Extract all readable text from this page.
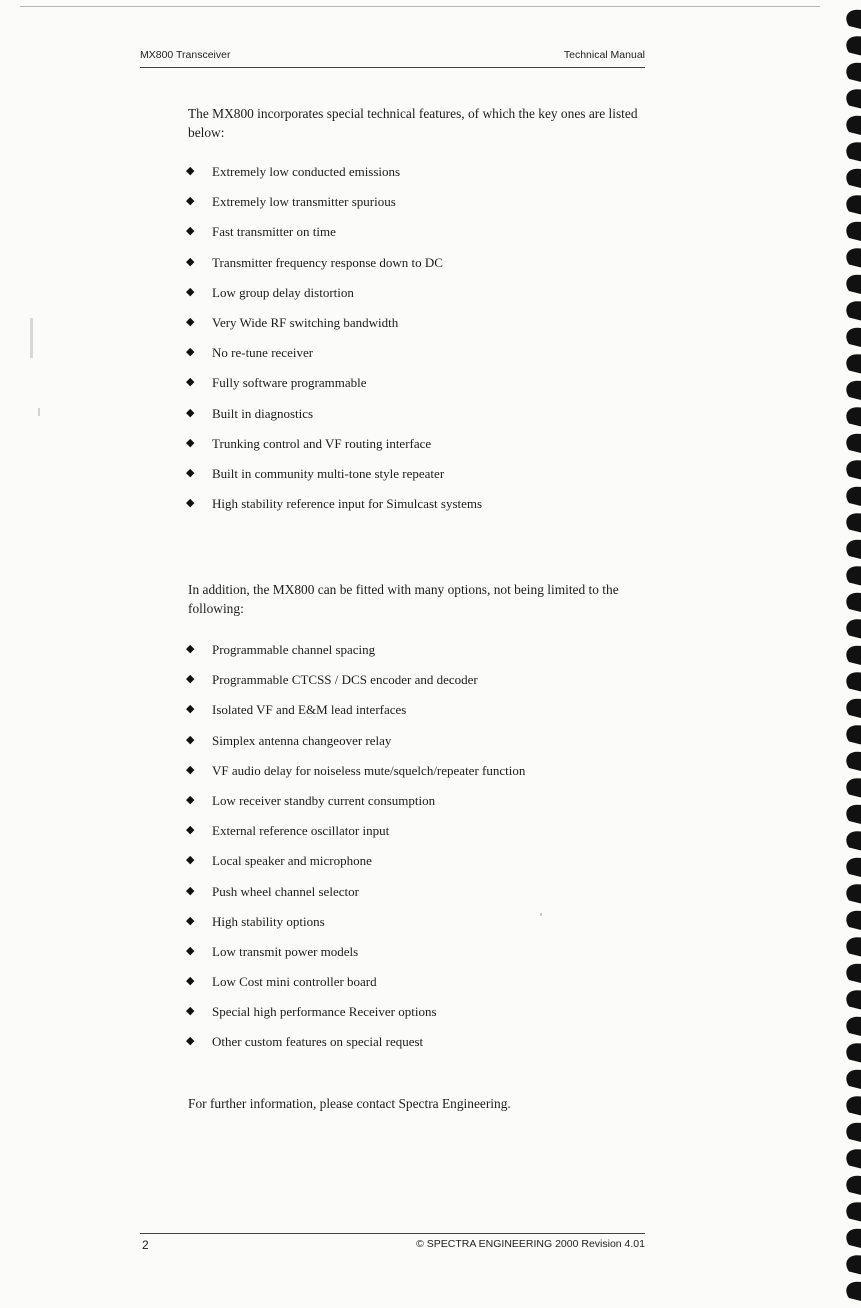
MX800 Transceiver	Technical Manual
The MX800 incorporates special technical features, of which the key ones are listed below:
◆ Extremely low conducted emissions
◆ Extremely low transmitter spurious
◆ Fast transmitter on time
◆ Transmitter frequency response down to DC
◆ Low group delay distortion
◆ Very Wide RF switching bandwidth
◆ No re-tune receiver
◆ Fully software programmable
◆ Built in diagnostics
◆ Trunking control and VF routing interface
◆ Built in community multi-tone style repeater
◆ High stability reference input for Simulcast systems
In addition, the MX800 can be fitted with many options, not being limited to the following:
◆ Programmable channel spacing
◆ Programmable CTCSS / DCS encoder and decoder
◆ Isolated VF and E&M lead interfaces
◆ Simplex antenna changeover relay
◆ VF audio delay for noiseless mute/squelch/repeater function
◆ Low receiver standby current consumption
◆ External reference oscillator input
◆ Local speaker and microphone
◆ Push wheel channel selector
◆ High stability options
◆ Low transmit power models
◆ Low Cost mini controller board
◆ Special high performance Receiver options
◆ Other custom features on special request
For further information, please contact Spectra Engineering.
2	© SPECTRA ENGINEERING 2000 Revision 4.01
